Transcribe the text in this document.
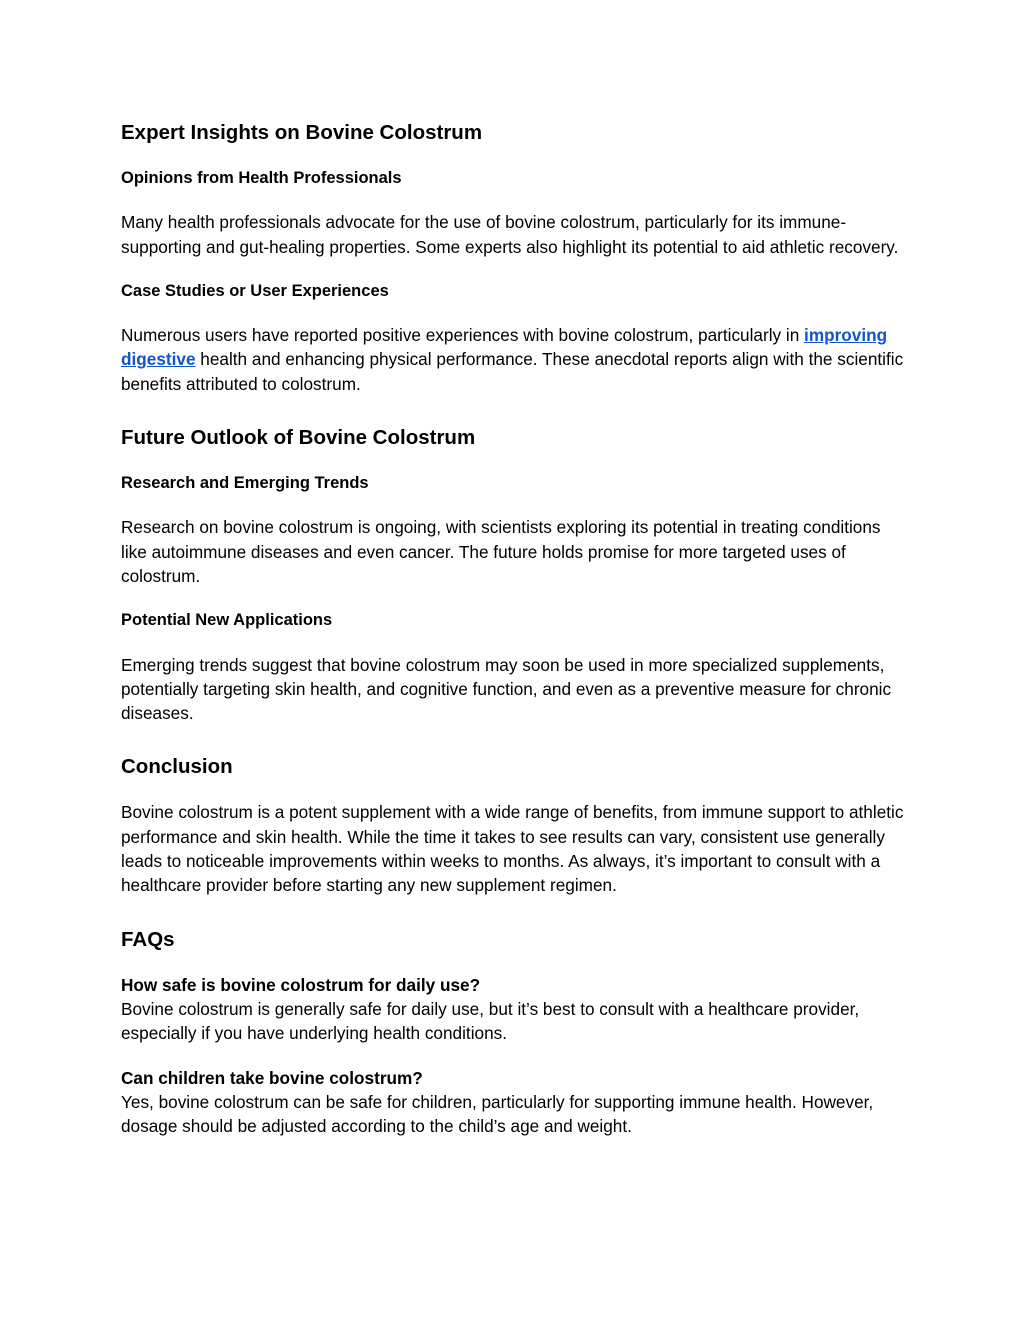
Expert Insights on Bovine Colostrum
Opinions from Health Professionals

Many health professionals advocate for the use of bovine colostrum, particularly for its immune-supporting and gut-healing properties. Some experts also highlight its potential to aid athletic recovery.

Case Studies or User Experiences

Numerous users have reported positive experiences with bovine colostrum, particularly in improving digestive health and enhancing physical performance. These anecdotal reports align with the scientific benefits attributed to colostrum.

Future Outlook of Bovine Colostrum
Research and Emerging Trends

Research on bovine colostrum is ongoing, with scientists exploring its potential in treating conditions like autoimmune diseases and even cancer. The future holds promise for more targeted uses of colostrum.

Potential New Applications

Emerging trends suggest that bovine colostrum may soon be used in more specialized supplements, potentially targeting skin health, and cognitive function, and even as a preventive measure for chronic diseases.

Conclusion

Bovine colostrum is a potent supplement with a wide range of benefits, from immune support to athletic performance and skin health. While the time it takes to see results can vary, consistent use generally leads to noticeable improvements within weeks to months. As always, it’s important to consult with a healthcare provider before starting any new supplement regimen.

FAQs

How safe is bovine colostrum for daily use?

Bovine colostrum is generally safe for daily use, but it’s best to consult with a healthcare provider, especially if you have underlying health conditions.

Can children take bovine colostrum?

Yes, bovine colostrum can be safe for children, particularly for supporting immune health. However, dosage should be adjusted according to the child’s age and weight.
